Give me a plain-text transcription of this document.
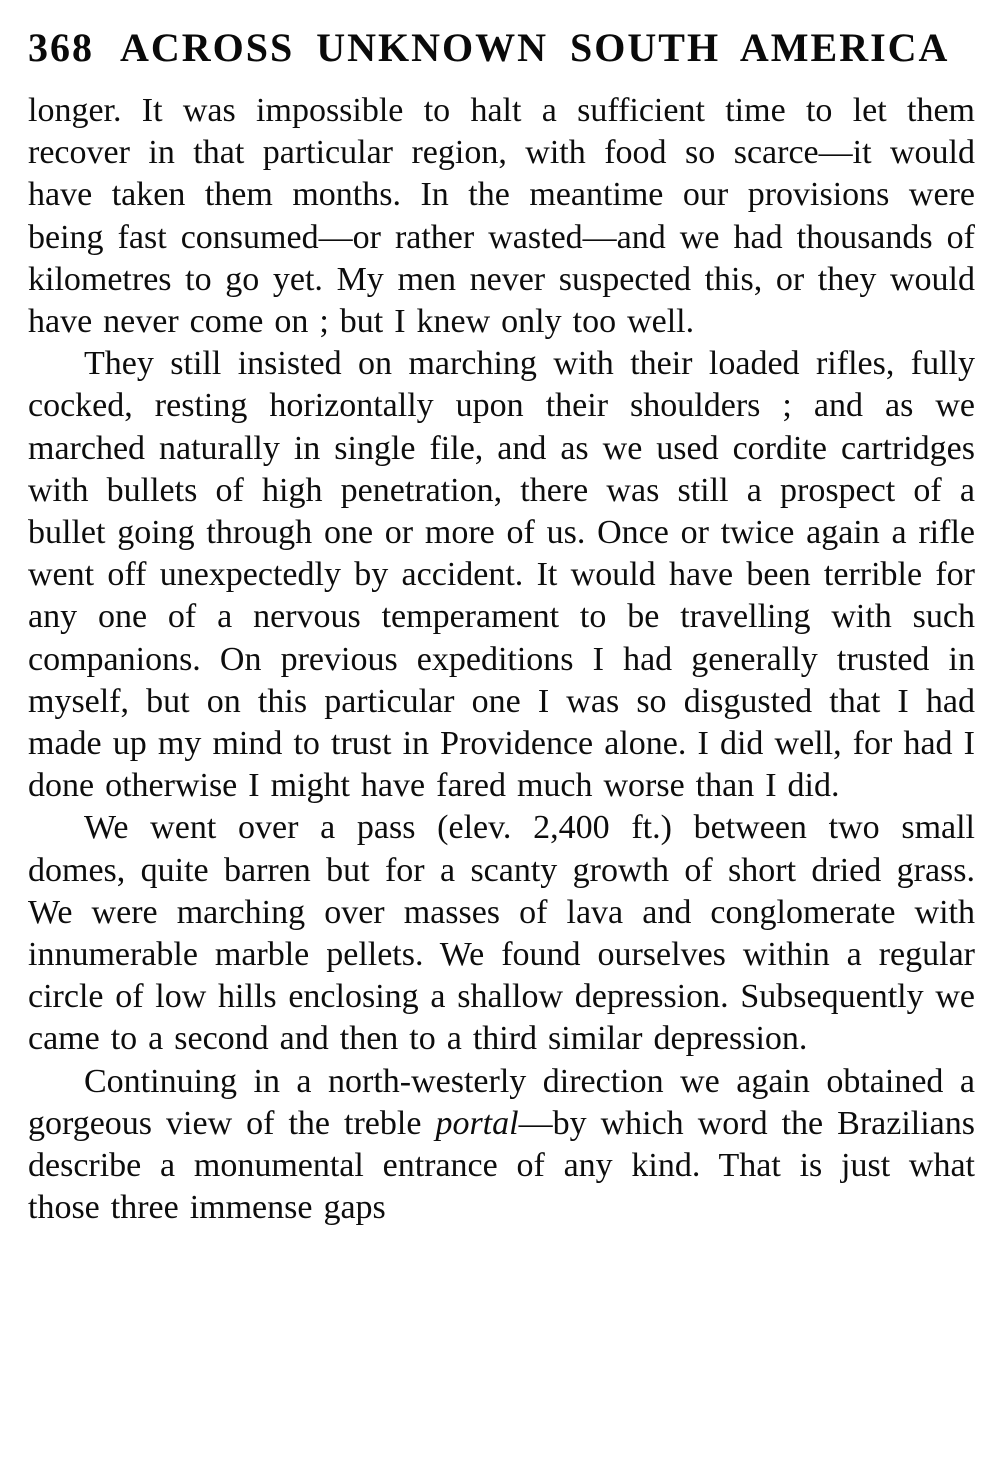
368 ACROSS UNKNOWN SOUTH AMERICA

longer. It was impossible to halt a sufficient time to let them recover in that particular region, with food so scarce—it would have taken them months. In the meantime our provisions were being fast consumed—or rather wasted—and we had thousands of kilometres to go yet. My men never suspected this, or they would have never come on ; but I knew only too well.

They still insisted on marching with their loaded rifles, fully cocked, resting horizontally upon their shoulders ; and as we marched naturally in single file, and as we used cordite cartridges with bullets of high penetration, there was still a prospect of a bullet going through one or more of us. Once or twice again a rifle went off unexpectedly by accident. It would have been terrible for any one of a nervous temperament to be travelling with such companions. On previous expeditions I had generally trusted in myself, but on this particular one I was so disgusted that I had made up my mind to trust in Providence alone. I did well, for had I done otherwise I might have fared much worse than I did.

We went over a pass (elev. 2,400 ft.) between two small domes, quite barren but for a scanty growth of short dried grass. We were marching over masses of lava and conglomerate with innumerable marble pellets. We found ourselves within a regular circle of low hills enclosing a shallow depression. Subsequently we came to a second and then to a third similar depression.

Continuing in a north-westerly direction we again obtained a gorgeous view of the treble portal—by which word the Brazilians describe a monumental entrance of any kind. That is just what those three immense gaps
